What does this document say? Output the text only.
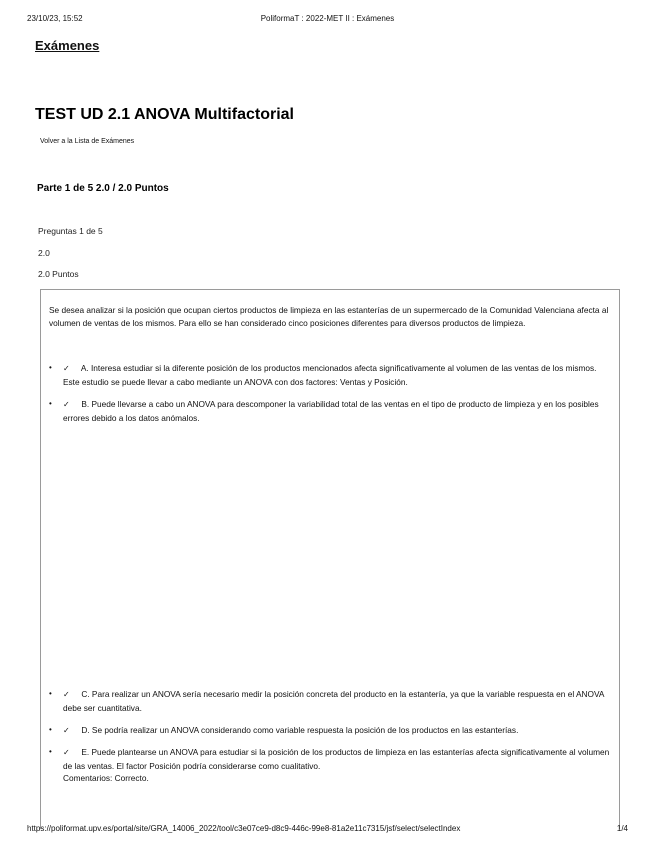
23/10/23, 15:52	PoliformaT : 2022-MET II : Exámenes
Exámenes
TEST UD 2.1 ANOVA Multifactorial
Volver a la Lista de Exámenes
Parte 1 de 5 2.0 / 2.0 Puntos
Preguntas 1 de 5
2.0
2.0 Puntos

Se desea analizar si la posición que ocupan ciertos productos de limpieza en las estanterías de un supermercado de la Comunidad Valenciana afecta al volumen de ventas de los mismos. Para ello se han considerado cinco posiciones diferentes para diversos productos de limpieza.

•	✓ A. Interesa estudiar si la diferente posición de los productos mencionados afecta significativamente al volumen de las ventas de los mismos. Este estudio se puede llevar a cabo mediante un ANOVA con dos factores: Ventas y Posición.
•	✓ B. Puede llevarse a cabo un ANOVA para descomponer la variabilidad total de las ventas en el tipo de producto de limpieza y en los posibles errores debido a los datos anómalos.
•	✓ C. Para realizar un ANOVA sería necesario medir la posición concreta del producto en la estantería, ya que la variable respuesta en el ANOVA debe ser cuantitativa.
•	✓ D. Se podría realizar un ANOVA considerando como variable respuesta la posición de los productos en las estanterías.
•	✓ E. Puede plantearse un ANOVA para estudiar si la posición de los productos de limpieza en las estanterías afecta significativamente al volumen de las ventas. El factor Posición podría considerarse como cualitativo.
Comentarios: Correcto.
https://poliformat.upv.es/portal/site/GRA_14006_2022/tool/c3e07ce9-d8c9-446c-99e8-81a2e11c7315/jsf/select/selectIndex	1/4
